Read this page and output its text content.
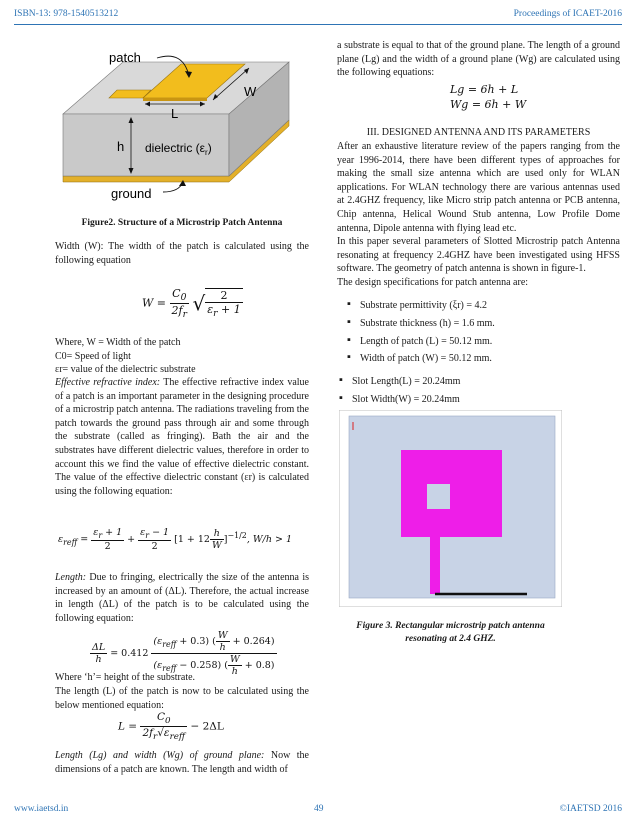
ISBN-13: 978-1540513212	Proceedings of ICAET-2016
patch
L
W
h dielectric $(\varepsilon_r)$
ground
Figure2. Structure of a Microstrip Patch Antenna
Width (W): The width of the patch is calculated using the following equation
$W = \frac{C_0}{2f_r}$ √ $\frac{2}{\varepsilon_r + 1}$

Where, W = Width of the patch

C0= Speed of light

εr= value of the dielectric substrate

Effective refractive index: The effective refractive index value of a patch is an important parameter in the designing procedure of a microstrip patch antenna. The radiations traveling from the patch towards the ground pass through air and some through the substrate (called as fringing). Bath the air and the substrates have different dielectric values, therefore in order to account this we find the value of effective dielectric constant. The value of the effective dielectric constant (εr) is calculated using the following equation:
$\varepsilon_{reff} = \frac{\varepsilon_r + 1}{2} + \frac{\varepsilon_r - 1}{2} [1 + 12 \frac{h}{W} ]^{-1/2}$, W/h > 1
Length: Due to fringing, electrically the size of the antenna is increased by an amount of (ΔL). Therefore, the actual increase in length (ΔL) of the patch is to be calculated using the following equation:
$\frac{\Delta L}{h} = 0.412 \frac{(\varepsilon_{reff} + 0.3) ( \frac{W}{h} + 0.264)}{(\varepsilon_{reff} - 0.258) ( \frac{W}{h} + 0.8)}$
Where ‘h’= height of the substrate.
The length (L) of the patch is now to be calculated using the below mentioned equation:
$L = \frac{C_0}{2f_r√\varepsilon_{reff}} - 2\Delta L$
Length (Lg) and width (Wg) of ground plane: Now the dimensions of a patch are known. The length and width of
a substrate is equal to that of the ground plane. The length of a ground plane (Lg) and the width of a ground plane (Wg) are calculated using the following equations:
Lg = 6h + L
Wg = 6h + W
III. DESIGNED ANTENNA AND ITS PARAMETERS

After an exhaustive literature review of the papers ranging from the year 1996-2014, there have been different types of approaches for making the small size antenna which are used only for WLAN applications. For WLAN technology there are various antennas used at 2.4GHZ frequency, like Micro strip patch antenna or PCB antenna, Chip antenna, Helical Wound Stub antenna, Low Profile Dome antenna, Dipole antenna with flying lead etc.

In this paper several parameters of Slotted Microstrip patch Antenna resonating at frequency 2.4GHZ have been investigated using HFSS software. The geometry of patch antenna is shown in figure-1.

The design specifications for patch antenna are:

▪ Substrate permittivity (ξr) = 4.2
▪ Substrate thickness (h) = 1.6 mm.
▪ Length of patch (L) = 50.12 mm.
▪ Width of patch (W) = 50.12 mm.
▪ Slot Length(L) = 20.24mm
▪ Slot Width(W) = 20.24mm
Figure 3. Rectangular microstrip patch antenna resonating at 2.4 GHZ.
www.iaetsd.in	49	©IAETSD 2016
